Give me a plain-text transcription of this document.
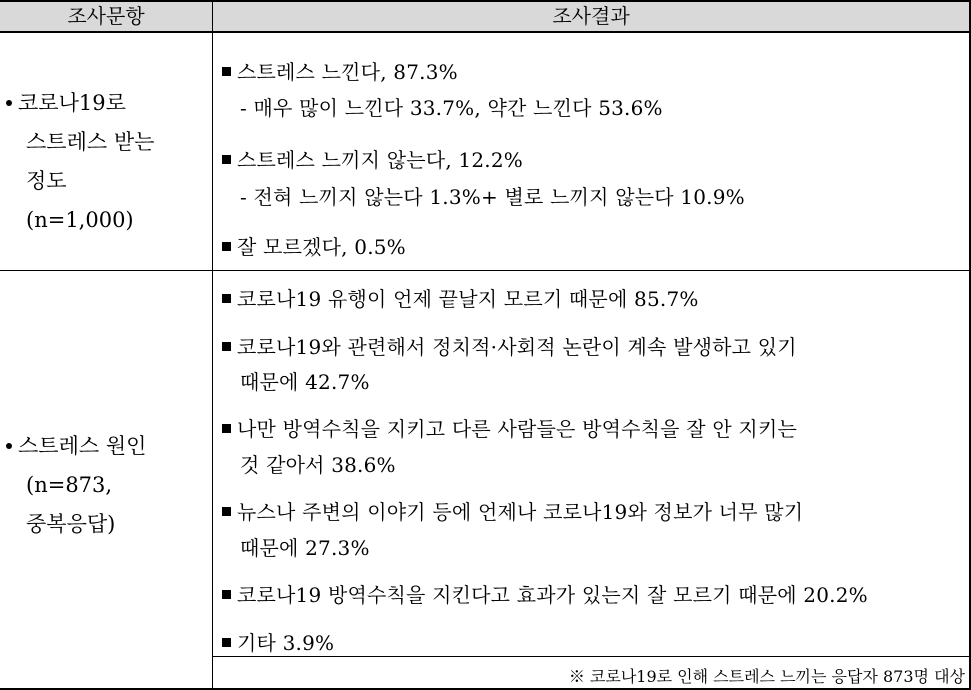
조사문항	조사결과
코로나19로
스트레스 받는
정도
(n=1,000)
스트레스 느낀다, 87.3%
- 매우 많이 느낀다 33.7%, 약간 느낀다 53.6%
스트레스 느끼지 않는다, 12.2%
- 전혀 느끼지 않는다 1.3%+ 별로 느끼지 않는다 10.9%
잘 모르겠다, 0.5%
스트레스 원인
(n=873,
중복응답)
코로나19 유행이 언제 끝날지 모르기 때문에 85.7%
코로나19와 관련해서 정치적·사회적 논란이 계속 발생하고 있기
때문에 42.7%
나만 방역수칙을 지키고 다른 사람들은 방역수칙을 잘 안 지키는
것 같아서 38.6%
뉴스나 주변의 이야기 등에 언제나 코로나19와 정보가 너무 많기
때문에 27.3%
코로나19 방역수칙을 지킨다고 효과가 있는지 잘 모르기 때문에 20.2%
기타 3.9%
※ 코로나19로 인해 스트레스 느끼는 응답자 873명 대상
